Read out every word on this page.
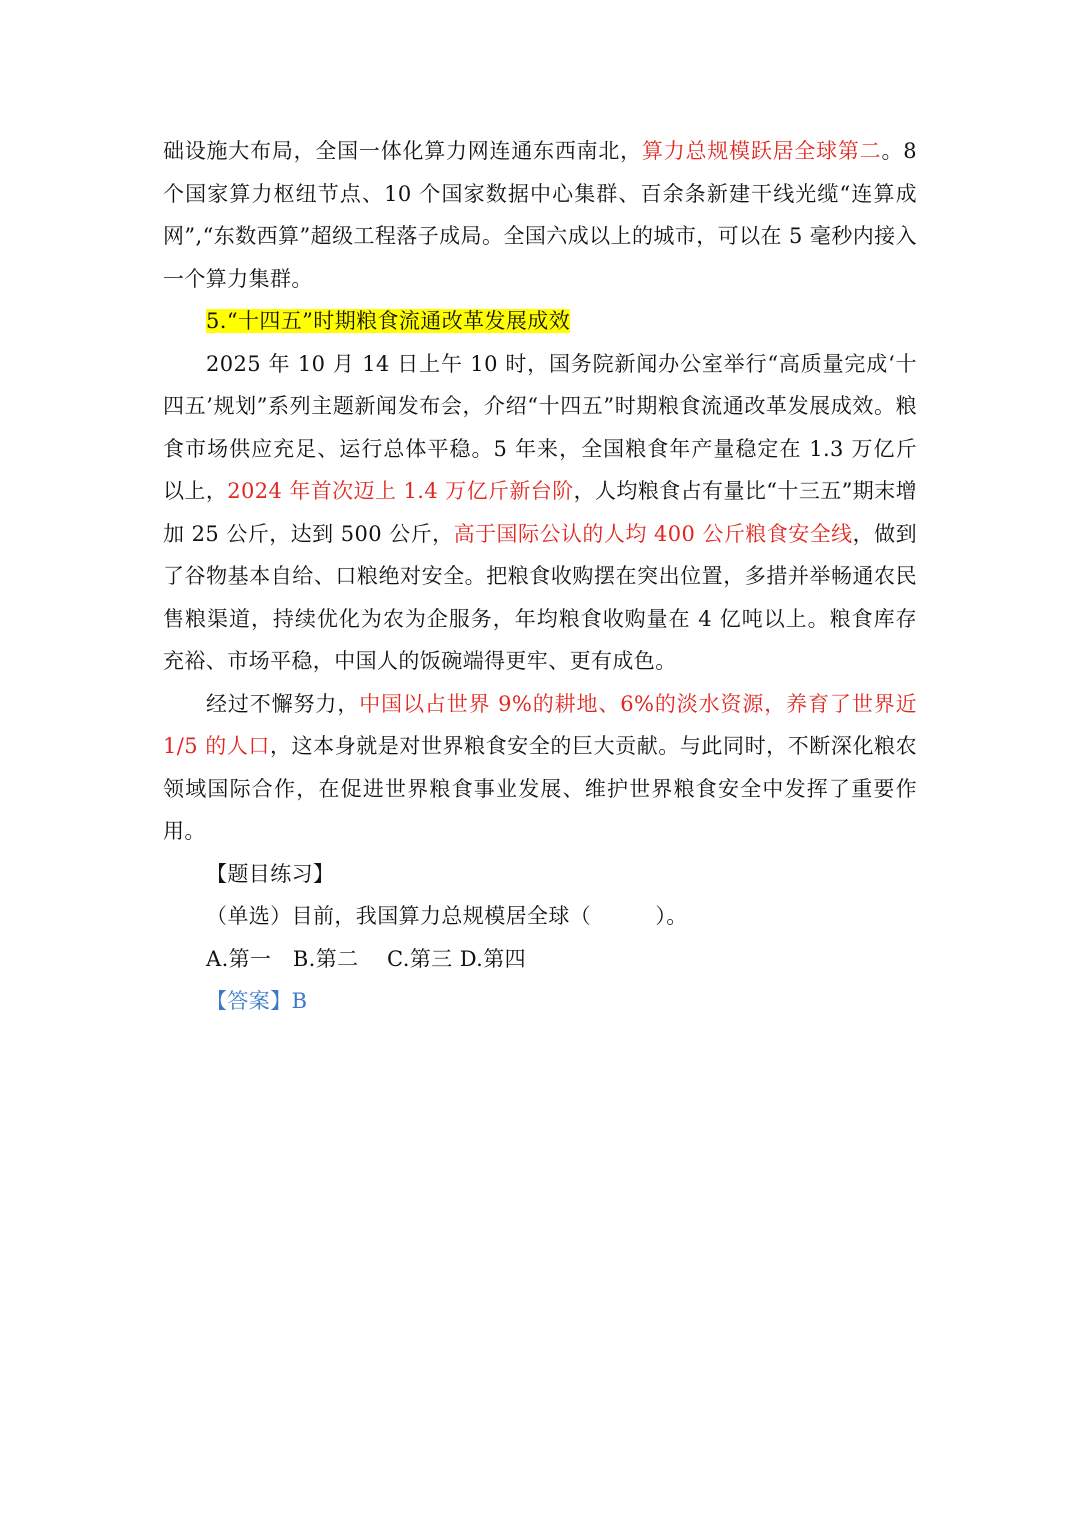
础设施大布局，全国一体化算力网连通东西南北，算力总规模跃居全球第二。8个国家算力枢纽节点、10 个国家数据中心集群、百余条新建干线光缆“连算成网”,“东数西算”超级工程落子成局。全国六成以上的城市，可以在 5 毫秒内接入一个算力集群。

5.“十四五”时期粮食流通改革发展成效

2025 年 10 月 14 日上午 10 时，国务院新闻办公室举行“高质量完成‘十四五’规划”系列主题新闻发布会，介绍“十四五”时期粮食流通改革发展成效。粮食市场供应充足、运行总体平稳。5 年来，全国粮食年产量稳定在 1.3 万亿斤以上，2024 年首次迈上 1.4 万亿斤新台阶，人均粮食占有量比“十三五”期末增加 25 公斤，达到 500 公斤，高于国际公认的人均 400 公斤粮食安全线，做到了谷物基本自给、口粮绝对安全。把粮食收购摆在突出位置，多措并举畅通农民售粮渠道，持续优化为农为企服务，年均粮食收购量在 4 亿吨以上。粮食库存充裕、市场平稳，中国人的饭碗端得更牢、更有成色。

经过不懈努力，中国以占世界 9%的耕地、6%的淡水资源，养育了世界近 1/5 的人口，这本身就是对世界粮食安全的巨大贡献。与此同时，不断深化粮农领域国际合作，在促进世界粮食事业发展、维护世界粮食安全中发挥了重要作用。

【题目练习】

（单选）目前，我国算力总规模居全球（　　　）。

A.第一　B.第二　 C.第三 D.第四

【答案】B
